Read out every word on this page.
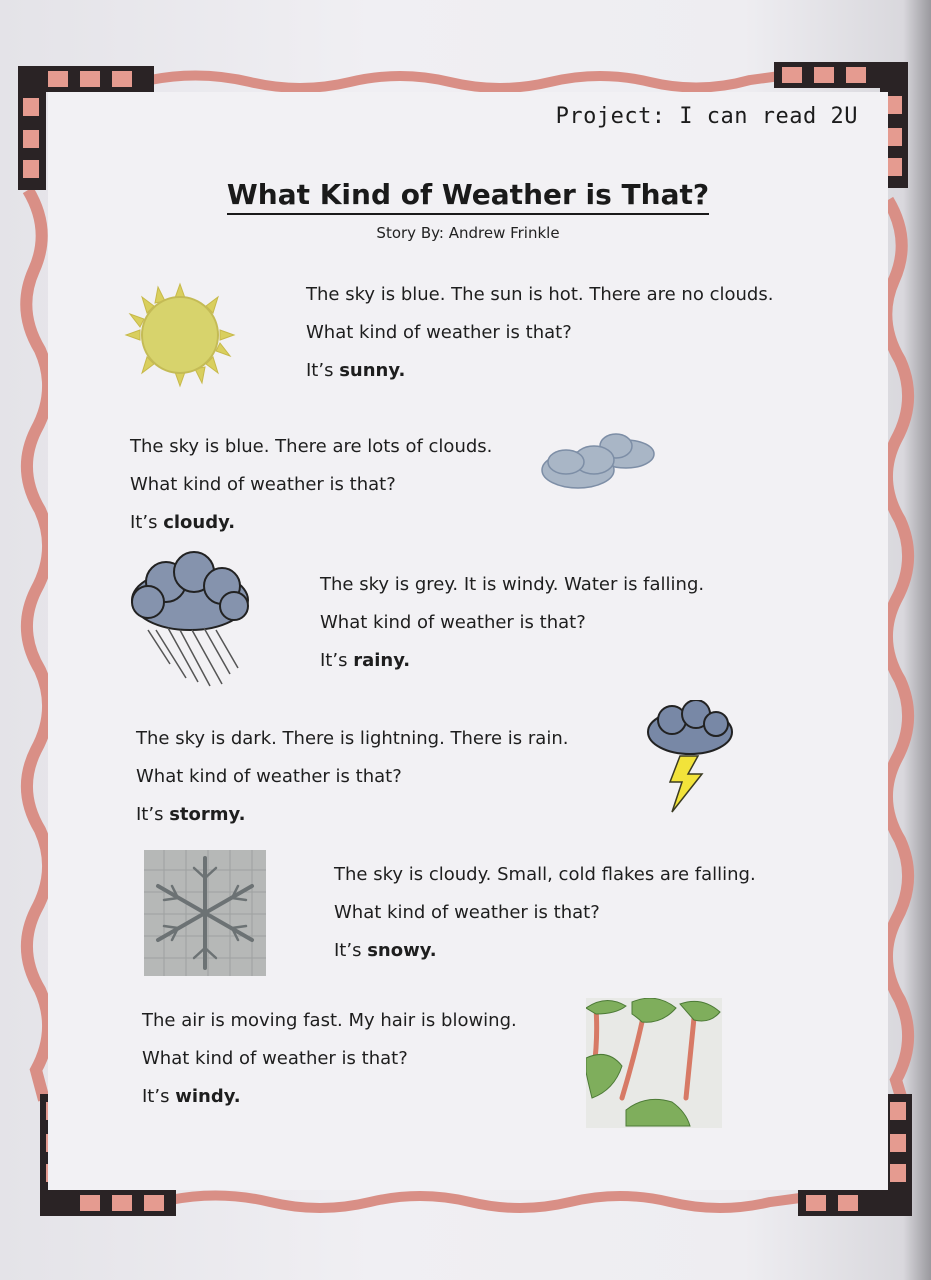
Project: I can read 2U
What Kind of Weather is That?
Story By: Andrew Frinkle
The sky is blue. The sun is hot. There are no clouds.
What kind of weather is that?
It’s sunny.
The sky is blue. There are lots of clouds.
What kind of weather is that?
It’s cloudy.
The sky is grey. It is windy. Water is falling.
What kind of weather is that?
It’s rainy.
The sky is dark. There is lightning. There is rain.
What kind of weather is that?
It’s stormy.
The sky is cloudy. Small, cold flakes are falling.
What kind of weather is that?
It’s snowy.
The air is moving fast. My hair is blowing.
What kind of weather is that?
It’s windy.
